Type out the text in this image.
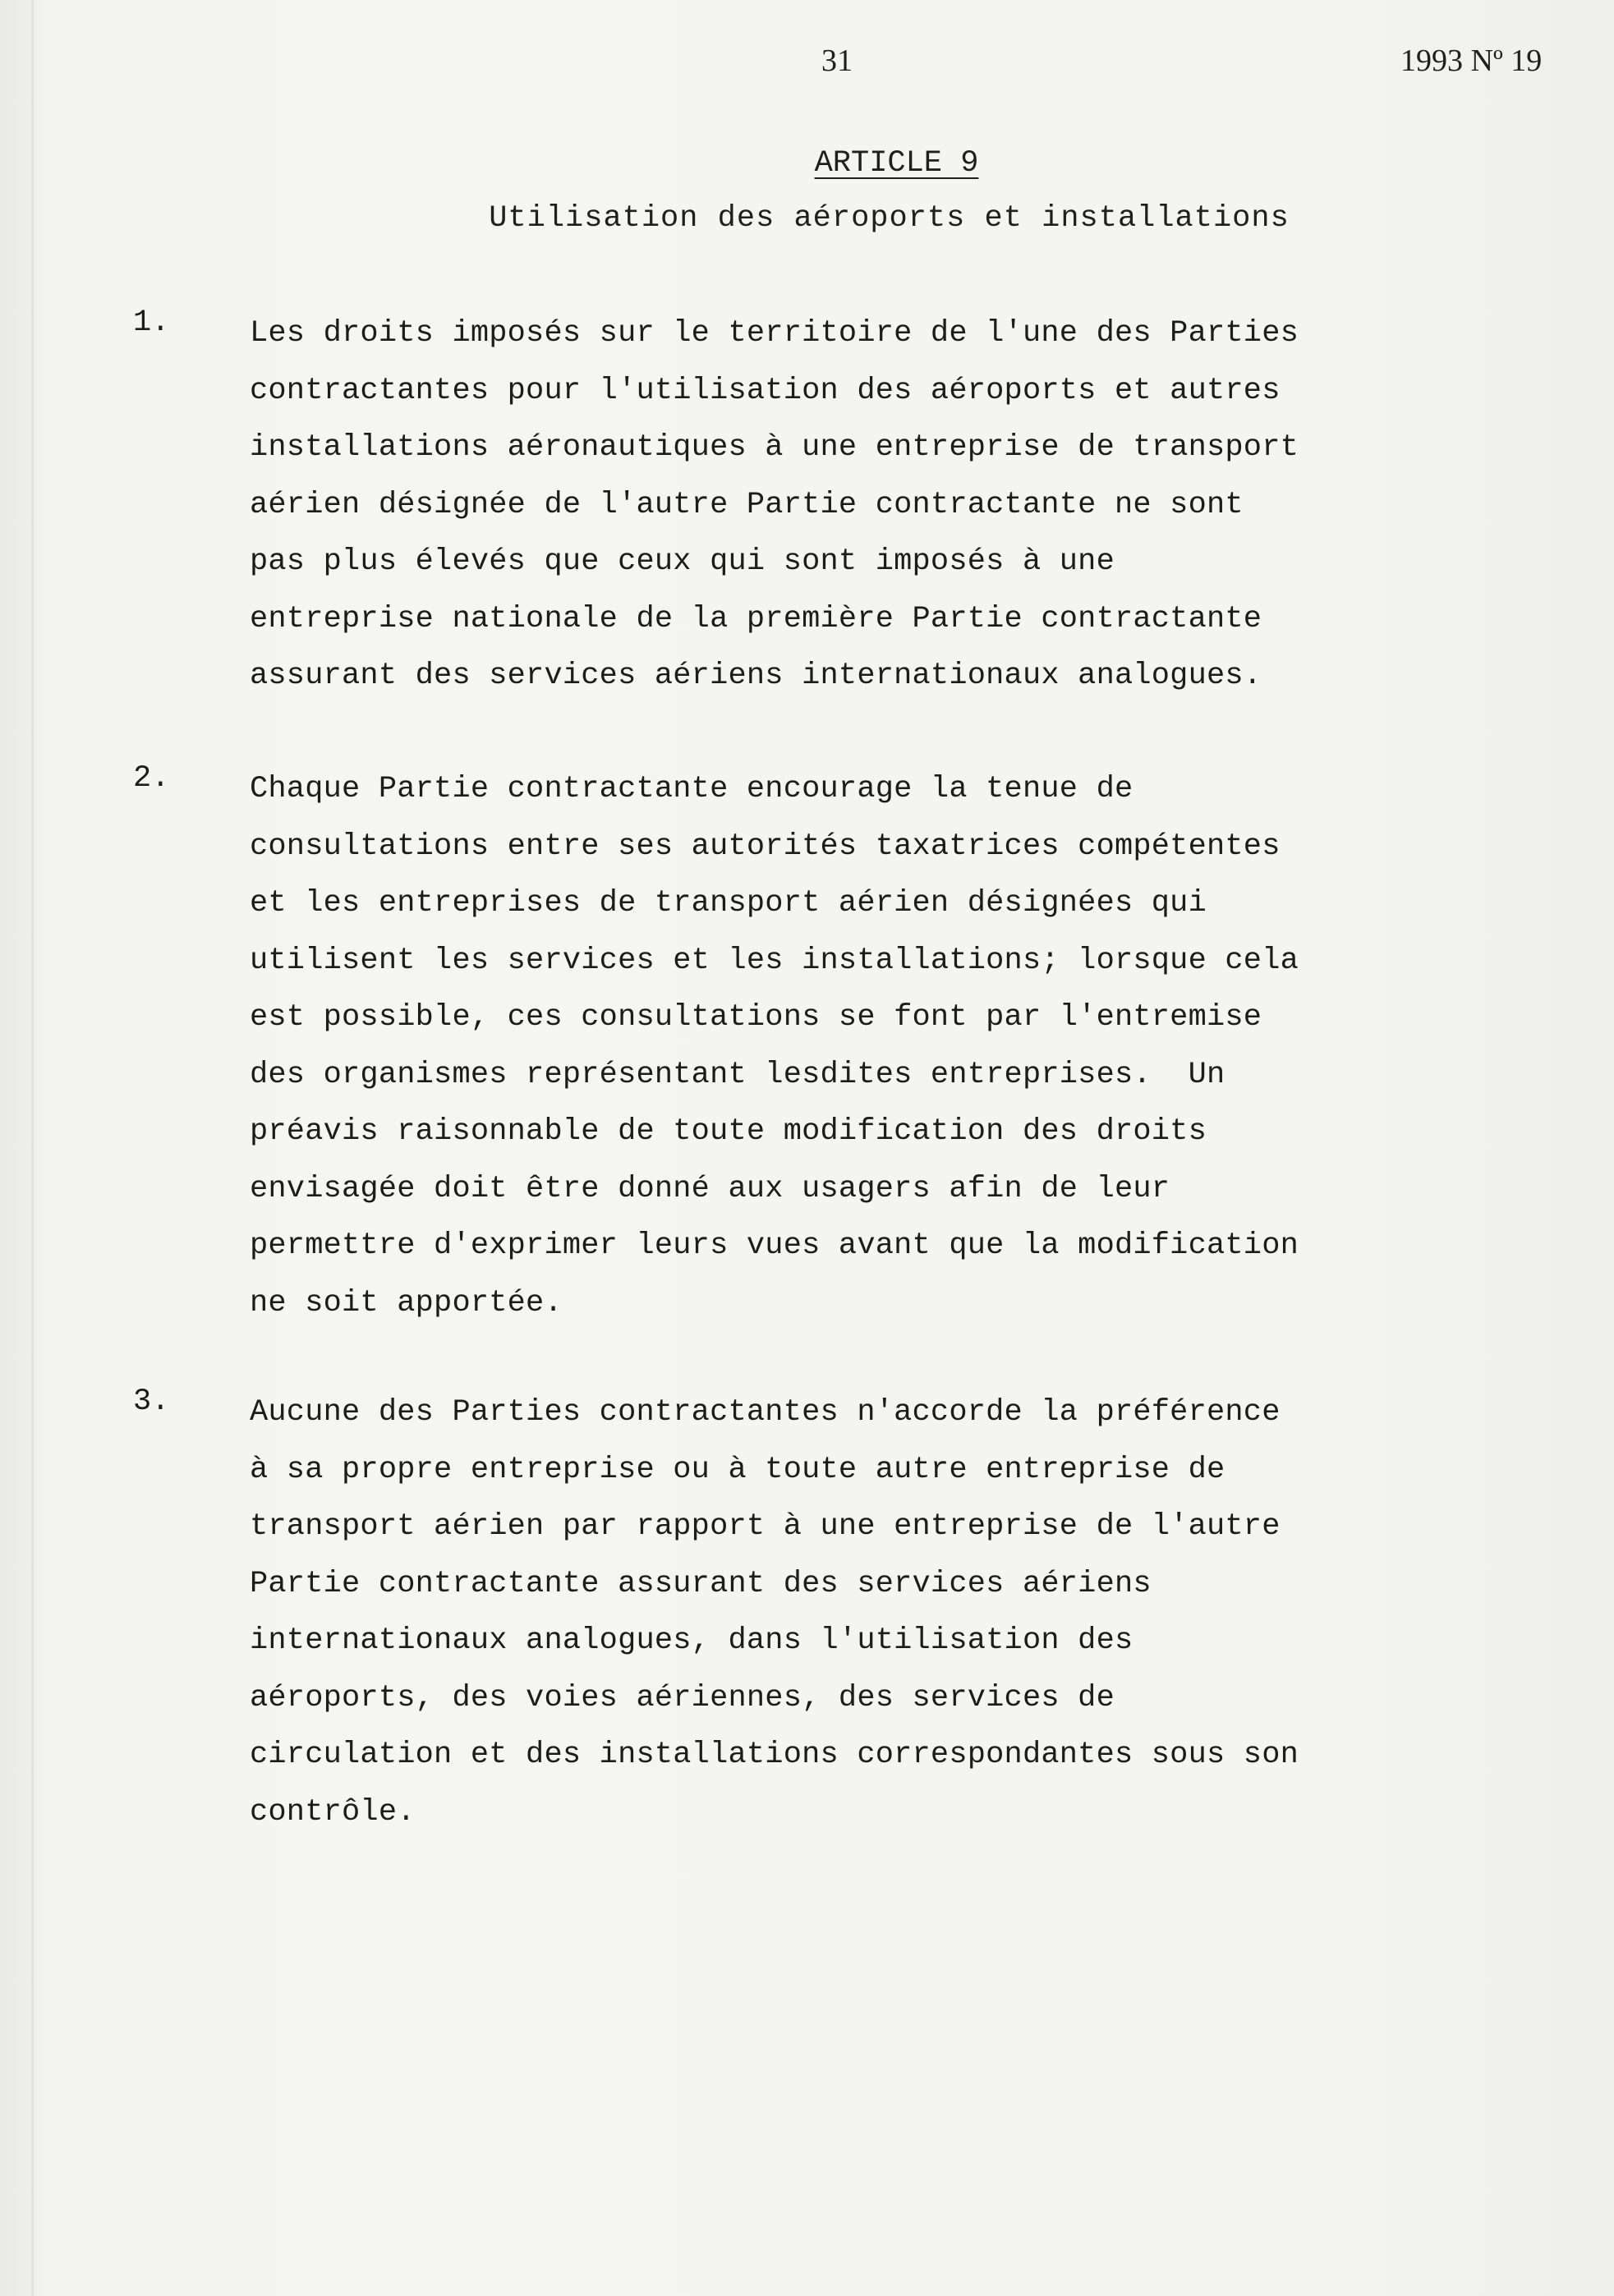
31	1993 Nº 19
ARTICLE 9
Utilisation des aéroports et installations
1.	Les droits imposés sur le territoire de l'une des Parties
contractantes pour l'utilisation des aéroports et autres
installations aéronautiques à une entreprise de transport
aérien désignée de l'autre Partie contractante ne sont
pas plus élevés que ceux qui sont imposés à une
entreprise nationale de la première Partie contractante
assurant des services aériens internationaux analogues.
2.	Chaque Partie contractante encourage la tenue de
consultations entre ses autorités taxatrices compétentes
et les entreprises de transport aérien désignées qui
utilisent les services et les installations; lorsque cela
est possible, ces consultations se font par l'entremise
des organismes représentant lesdites entreprises.  Un
préavis raisonnable de toute modification des droits
envisagée doit être donné aux usagers afin de leur
permettre d'exprimer leurs vues avant que la modification
ne soit apportée.
3.	Aucune des Parties contractantes n'accorde la préférence
à sa propre entreprise ou à toute autre entreprise de
transport aérien par rapport à une entreprise de l'autre
Partie contractante assurant des services aériens
internationaux analogues, dans l'utilisation des
aéroports, des voies aériennes, des services de
circulation et des installations correspondantes sous son
contrôle.
